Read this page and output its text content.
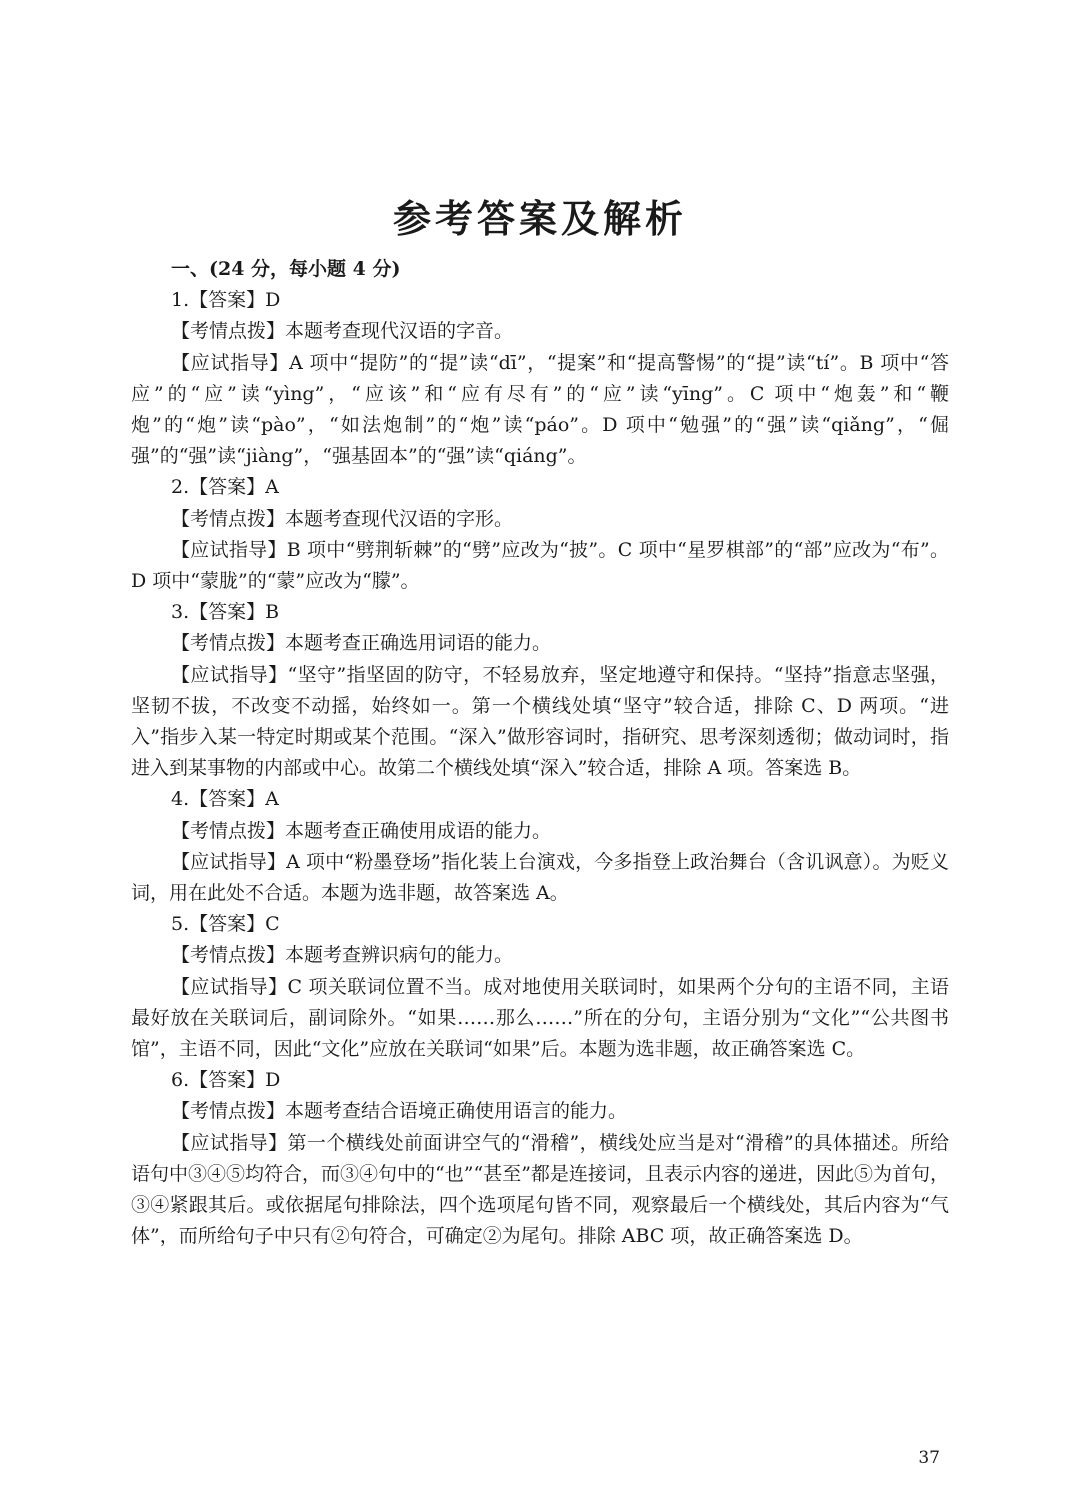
参考答案及解析

一、(24 分，每小题 4 分)

1.【答案】D

【考情点拨】本题考查现代汉语的字音。

【应试指导】A 项中“提防”的“提”读“dī”，“提案”和“提高警惕”的“提”读“tí”。B 项中“答应”的“应”读“yìng”，“应该”和“应有尽有”的“应”读“yīng”。C 项中“炮轰”和“鞭炮”的“炮”读“pào”，“如法炮制”的“炮”读“páo”。D 项中“勉强”的“强”读“qiǎng”，“倔强”的“强”读“jiàng”，“强基固本”的“强”读“qiáng”。

2.【答案】A

【考情点拨】本题考查现代汉语的字形。

【应试指导】B 项中“劈荆斩棘”的“劈”应改为“披”。C 项中“星罗棋部”的“部”应改为“布”。D 项中“蒙胧”的“蒙”应改为“朦”。

3.【答案】B

【考情点拨】本题考查正确选用词语的能力。

【应试指导】“坚守”指坚固的防守，不轻易放弃，坚定地遵守和保持。“坚持”指意志坚强，坚韧不拔，不改变不动摇，始终如一。第一个横线处填“坚守”较合适，排除 C、D 两项。“进入”指步入某一特定时期或某个范围。“深入”做形容词时，指研究、思考深刻透彻；做动词时，指进入到某事物的内部或中心。故第二个横线处填“深入”较合适，排除 A 项。答案选 B。

4.【答案】A

【考情点拨】本题考查正确使用成语的能力。

【应试指导】A 项中“粉墨登场”指化装上台演戏，今多指登上政治舞台（含讥讽意）。为贬义词，用在此处不合适。本题为选非题，故答案选 A。

5.【答案】C

【考情点拨】本题考查辨识病句的能力。

【应试指导】C 项关联词位置不当。成对地使用关联词时，如果两个分句的主语不同，主语最好放在关联词后，副词除外。“如果……那么……”所在的分句，主语分别为“文化”“公共图书馆”，主语不同，因此“文化”应放在关联词“如果”后。本题为选非题，故正确答案选 C。

6.【答案】D

【考情点拨】本题考查结合语境正确使用语言的能力。

【应试指导】第一个横线处前面讲空气的“滑稽”，横线处应当是对“滑稽”的具体描述。所给语句中③④⑤均符合，而③④句中的“也”“甚至”都是连接词，且表示内容的递进，因此⑤为首句，③④紧跟其后。或依据尾句排除法，四个选项尾句皆不同，观察最后一个横线处，其后内容为“气体”，而所给句子中只有②句符合，可确定②为尾句。排除 ABC 项，故正确答案选 D。

37
